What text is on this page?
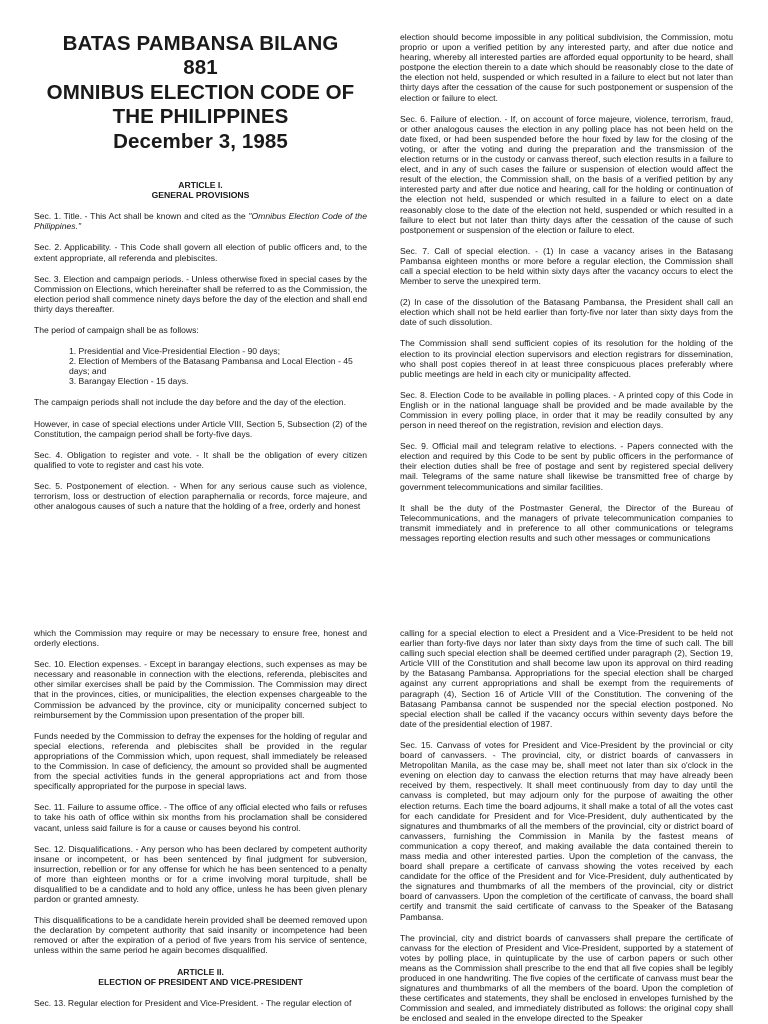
BATAS PAMBANSA BILANG
881
OMNIBUS ELECTION CODE OF
THE PHILIPPINES
December 3, 1985
ARTICLE I.
GENERAL PROVISIONS

Sec. 1. Title. - This Act shall be known and cited as the "Omnibus Election Code of the Philippines."

Sec. 2. Applicability. - This Code shall govern all election of public officers and, to the extent appropriate, all referenda and plebiscites.

Sec. 3. Election and campaign periods. - Unless otherwise fixed in special cases by the Commission on Elections, which hereinafter shall be referred to as the Commission, the election period shall commence ninety days before the day of the election and shall end thirty days thereafter.

The period of campaign shall be as follows:

1. Presidential and Vice-Presidential Election - 90 days;
2. Election of Members of the Batasang Pambansa and Local Election - 45 days; and
3. Barangay Election - 15 days.

The campaign periods shall not include the day before and the day of the election.

However, in case of special elections under Article VIII, Section 5, Subsection (2) of the Constitution, the campaign period shall be forty-five days.

Sec. 4. Obligation to register and vote. - It shall be the obligation of every citizen qualified to vote to register and cast his vote.

Sec. 5. Postponement of election. - When for any serious cause such as violence, terrorism, loss or destruction of election paraphernalia or records, force majeure, and other analogous causes of such a nature that the holding of a free, orderly and honest

election should become impossible in any political subdivision, the Commission, motu proprio or upon a verified petition by any interested party, and after due notice and hearing, whereby all interested parties are afforded equal opportunity to be heard, shall postpone the election therein to a date which should be reasonably close to the date of the election not held, suspended or which resulted in a failure to elect but not later than thirty days after the cessation of the cause for such postponement or suspension of the election or failure to elect.

Sec. 6. Failure of election. - If, on account of force majeure, violence, terrorism, fraud, or other analogous causes the election in any polling place has not been held on the date fixed, or had been suspended before the hour fixed by law for the closing of the voting, or after the voting and during the preparation and the transmission of the election returns or in the custody or canvass thereof, such election results in a failure to elect, and in any of such cases the failure or suspension of election would affect the result of the election, the Commission shall, on the basis of a verified petition by any interested party and after due notice and hearing, call for the holding or continuation of the election not held, suspended or which resulted in a failure to elect on a date reasonably close to the date of the election not held, suspended or which resulted in a failure to elect but not later than thirty days after the cessation of the cause of such postponement or suspension of the election or failure to elect.

Sec. 7. Call of special election. - (1) In case a vacancy arises in the Batasang Pambansa eighteen months or more before a regular election, the Commission shall call a special election to be held within sixty days after the vacancy occurs to elect the Member to serve the unexpired term.

(2) In case of the dissolution of the Batasang Pambansa, the President shall call an election which shall not be held earlier than forty-five nor later than sixty days from the date of such dissolution.

The Commission shall send sufficient copies of its resolution for the holding of the election to its provincial election supervisors and election registrars for dissemination, who shall post copies thereof in at least three conspicuous places preferably where public meetings are held in each city or municipality affected.

Sec. 8. Election Code to be available in polling places. - A printed copy of this Code in English or in the national language shall be provided and be made available by the Commission in every polling place, in order that it may be readily consulted by any person in need thereof on the registration, revision and election days.

Sec. 9. Official mail and telegram relative to elections. - Papers connected with the election and required by this Code to be sent by public officers in the performance of their election duties shall be free of postage and sent by registered special delivery mail. Telegrams of the same nature shall likewise be transmitted free of charge by government telecommunications and similar facilities.

It shall be the duty of the Postmaster General, the Director of the Bureau of Telecommunications, and the managers of private telecommunication companies to transmit immediately and in preference to all other communications or telegrams messages reporting election results and such other messages or communications

which the Commission may require or may be necessary to ensure free, honest and orderly elections.

Sec. 10. Election expenses. - Except in barangay elections, such expenses as may be necessary and reasonable in connection with the elections, referenda, plebiscites and other similar exercises shall be paid by the Commission. The Commission may direct that in the provinces, cities, or municipalities, the election expenses chargeable to the Commission be advanced by the province, city or municipality concerned subject to reimbursement by the Commission upon presentation of the proper bill.

Funds needed by the Commission to defray the expenses for the holding of regular and special elections, referenda and plebiscites shall be provided in the regular appropriations of the Commission which, upon request, shall immediately be released to the Commission. In case of deficiency, the amount so provided shall be augmented from the special activities funds in the general appropriations act and from those specifically appropriated for the purpose in special laws.

Sec. 11. Failure to assume office. - The office of any official elected who fails or refuses to take his oath of office within six months from his proclamation shall be considered vacant, unless said failure is for a cause or causes beyond his control.

Sec. 12. Disqualifications. - Any person who has been declared by competent authority insane or incompetent, or has been sentenced by final judgment for subversion, insurrection, rebellion or for any offense for which he has been sentenced to a penalty of more than eighteen months or for a crime involving moral turpitude, shall be disqualified to be a candidate and to hold any office, unless he has been given plenary pardon or granted amnesty.

This disqualifications to be a candidate herein provided shall be deemed removed upon the declaration by competent authority that said insanity or incompetence had been removed or after the expiration of a period of five years from his service of sentence, unless within the same period he again becomes disqualified.

ARTICLE II.
ELECTION OF PRESIDENT AND VICE-PRESIDENT

Sec. 13. Regular election for President and Vice-President. - The regular election of

calling for a special election to elect a President and a Vice-President to be held not earlier than forty-five days nor later than sixty days from the time of such call. The bill calling such special election shall be deemed certified under paragraph (2), Section 19, Article VIII of the Constitution and shall become law upon its approval on third reading by the Batasang Pambansa. Appropriations for the special election shall be charged against any current appropriations and shall be exempt from the requirements of paragraph (4), Section 16 of Article VIII of the Constitution. The convening of the Batasang Pambansa cannot be suspended nor the special election postponed. No special election shall be called if the vacancy occurs within seventy days before the date of the presidential election of 1987.

Sec. 15. Canvass of votes for President and Vice-President by the provincial or city board of canvassers. - The provincial, city, or district boards of canvassers in Metropolitan Manila, as the case may be, shall meet not later than six o'clock in the evening on election day to canvass the election returns that may have already been received by them, respectively. It shall meet continuously from day to day until the canvass is completed, but may adjourn only for the purpose of awaiting the other election returns. Each time the board adjourns, it shall make a total of all the votes cast for each candidate for President and for Vice-President, duly authenticated by the signatures and thumbmarks of all the members of the provincial, city or district board of canvassers, furnishing the Commission in Manila by the fastest means of communication a copy thereof, and making available the data contained therein to mass media and other interested parties. Upon the completion of the canvass, the board shall prepare a certificate of canvass showing the votes received by each candidate for the office of the President and for Vice-President, duly authenticated by the signatures and thumbmarks of all the members of the provincial, city or district board of canvassers. Upon the completion of the certificate of canvass, the board shall certify and transmit the said certificate of canvass to the Speaker of the Batasang Pambansa.

The provincial, city and district boards of canvassers shall prepare the certificate of canvass for the election of President and Vice-President, supported by a statement of votes by polling place, in quintuplicate by the use of carbon papers or such other means as the Commission shall prescribe to the end that all five copies shall be legibly produced in one handwriting. The five copies of the certificate of canvass must bear the signatures and thumbmarks of all the members of the board. Upon the completion of these certificates and statements, they shall be enclosed in envelopes furnished by the Commission and sealed, and immediately distributed as follows: the original copy shall be enclosed and sealed in the envelope directed to the Speaker
